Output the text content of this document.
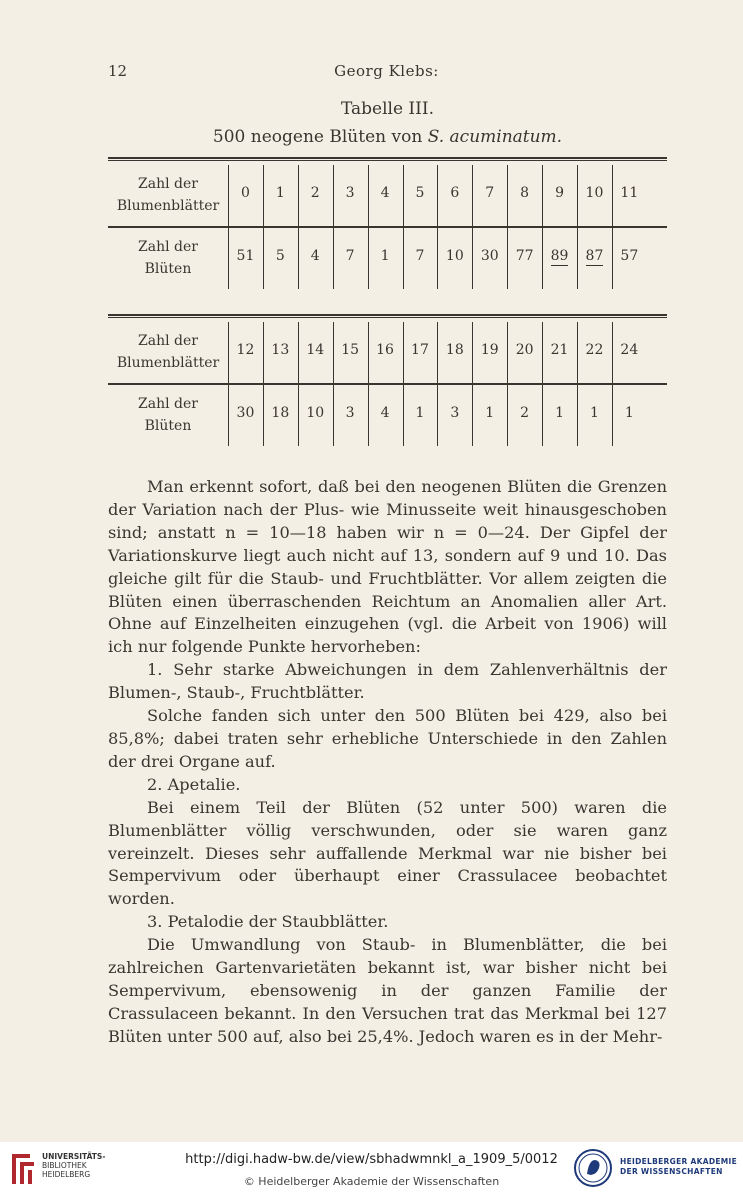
12	Georg Klebs:
Tabelle III.
500 neogene Blüten von S. acuminatum.
Zahl der
Blumenblätter
0	1	2	3	4	5	6	7	8	9	10	11
Zahl der
Blüten
51	5	4	7	1	7	10	30	77	89	87	57
Zahl der
Blumenblätter
12	13	14	15	16	17	18	19	20	21	22	24
Zahl der
Blüten
30	18	10	3	4	1	3	1	2	1	1	1

Man erkennt sofort, daß bei den neogenen Blüten die Grenzen der Variation nach der Plus- wie Minusseite weit hinausgeschoben sind; anstatt n = 10—18 haben wir n = 0—24. Der Gipfel der Variationskurve liegt auch nicht auf 13, sondern auf 9 und 10. Das gleiche gilt für die Staub- und Fruchtblätter. Vor allem zeigten die Blüten einen überraschenden Reichtum an Anomalien aller Art. Ohne auf Einzelheiten einzugehen (vgl. die Arbeit von 1906) will ich nur folgende Punkte hervorheben:

1. Sehr starke Abweichungen in dem Zahlenverhältnis der Blumen-, Staub-, Fruchtblätter.

Solche fanden sich unter den 500 Blüten bei 429, also bei 85,8%; dabei traten sehr erhebliche Unterschiede in den Zahlen der drei Organe auf.

2. Apetalie.

Bei einem Teil der Blüten (52 unter 500) waren die Blumenblätter völlig verschwunden, oder sie waren ganz vereinzelt. Dieses sehr auffallende Merkmal war nie bisher bei Sempervivum oder überhaupt einer Crassulacee beobachtet worden.

3. Petalodie der Staubblätter.

Die Umwandlung von Staub- in Blumenblätter, die bei zahlreichen Gartenvarietäten bekannt ist, war bisher nicht bei Sempervivum, ebensowenig in der ganzen Familie der Crassulaceen bekannt. In den Versuchen trat das Merkmal bei 127 Blüten unter 500 auf, also bei 25,4%. Jedoch waren es in der Mehr-

UNIVERSITÄTS-
BIBLIOTHEK
HEIDELBERG
http://digi.hadw-bw.de/view/sbhadwmnkl_a_1909_5/0012
© Heidelberger Akademie der Wissenschaften
HEIDELBERGER AKADEMIE
DER WISSENSCHAFTEN
